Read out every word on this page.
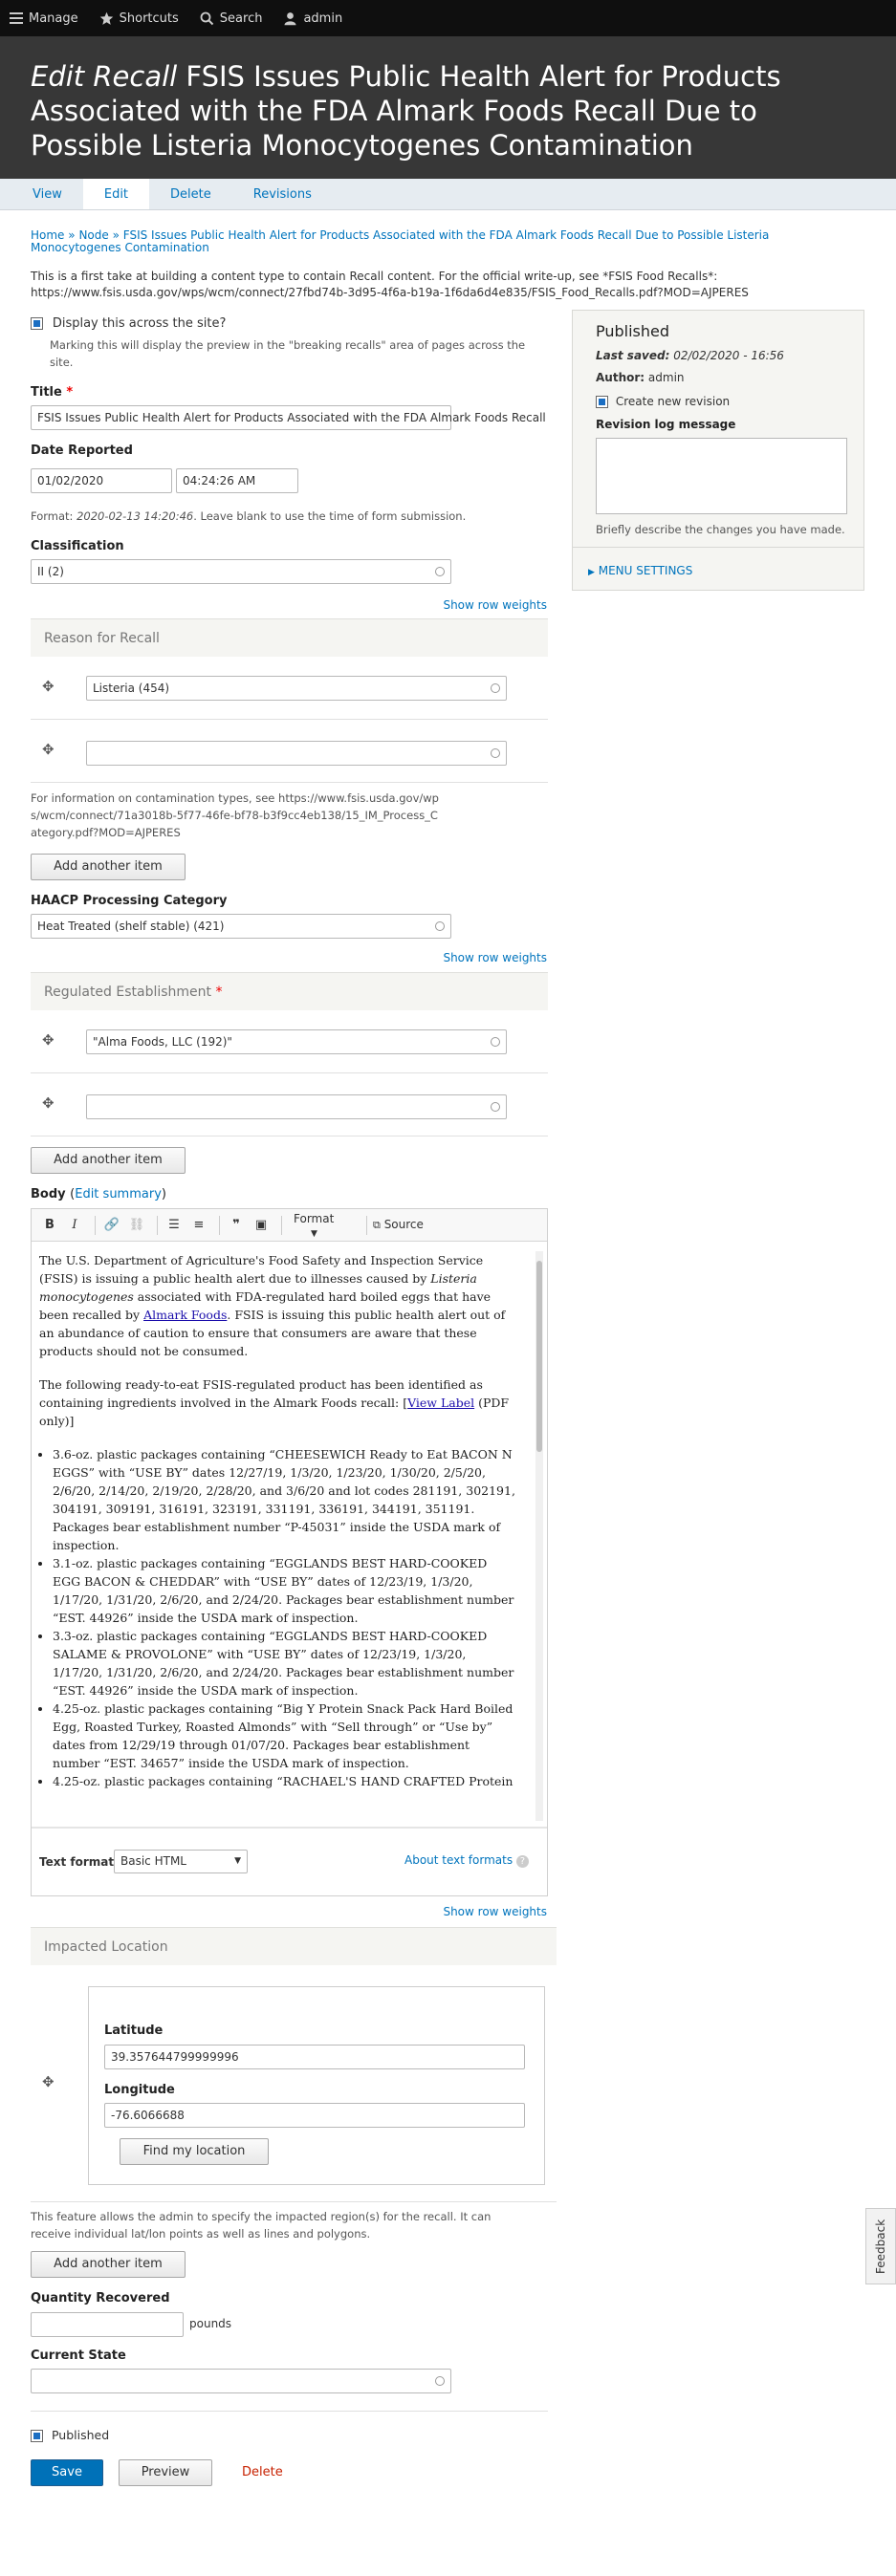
Manage	Shortcuts	Search	admin
Edit Recall FSIS Issues Public Health Alert for Products Associated with the FDA Almark Foods Recall Due to Possible Listeria Monocytogenes Contamination
View	Edit	Delete	Revisions
Home » Node » FSIS Issues Public Health Alert for Products Associated with the FDA Almark Foods Recall Due to Possible Listeria Monocytogenes Contamination
This is a first take at building a content type to contain Recall content. For the official write-up, see *FSIS Food Recalls*: https://www.fsis.usda.gov/wps/wcm/connect/27fbd74b-3d95-4f6a-b19a-1f6da6d4e835/FSIS_Food_Recalls.pdf?MOD=AJPERES
Display this across the site?
Marking this will display the preview in the "breaking recalls" area of pages across the site.
Title *
FSIS Issues Public Health Alert for Products Associated with the FDA Almark Foods Recall
Date Reported
01/02/2020	04:24:26 AM
Format: 2020-02-13 14:20:46. Leave blank to use the time of form submission.
Classification
II (2)
Show row weights
Reason for Recall
✥	Listeria (454)
✥
For information on contamination types, see https://www.fsis.usda.gov/wps/wcm/connect/71a3018b-5f77-46fe-bf78-b3f9cc4eb138/15_IM_Process_Category.pdf?MOD=AJPERES
Add another item
HAACP Processing Category
Heat Treated (shelf stable) (421)
Show row weights
Regulated Establishment *
✥	"Alma Foods, LLC (192)"
✥
Add another item
Body (Edit summary)
B	I	🔗 ⛓	☰	≡	❞	▣	Format ▼
⧉ Source

The U.S. Department of Agriculture's Food Safety and Inspection Service (FSIS) is issuing a public health alert due to illnesses caused by Listeria monocytogenes associated with FDA-regulated hard boiled eggs that have been recalled by Almark Foods. FSIS is issuing this public health alert out of an abundance of caution to ensure that consumers are aware that these products should not be consumed.

The following ready-to-eat FSIS-regulated product has been identified as containing ingredients involved in the Almark Foods recall: [View Label (PDF only)]

• 3.6-oz. plastic packages containing “CHEESEWICH Ready to Eat BACON N EGGS” with “USE BY” dates 12/27/19, 1/3/20, 1/23/20, 1/30/20, 2/5/20, 2/6/20, 2/14/20, 2/19/20, 2/28/20, and 3/6/20 and lot codes 281191, 302191, 304191, 309191, 316191, 323191, 331191, 336191, 344191, 351191. Packages bear establishment number “P-45031” inside the USDA mark of inspection.
• 3.1-oz. plastic packages containing “EGGLANDS BEST HARD-COOKED EGG BACON & CHEDDAR” with “USE BY” dates of 12/23/19, 1/3/20, 1/17/20, 1/31/20, 2/6/20, and 2/24/20. Packages bear establishment number “EST. 44926” inside the USDA mark of inspection.
• 3.3-oz. plastic packages containing “EGGLANDS BEST HARD-COOKED SALAME & PROVOLONE” with “USE BY” dates of 12/23/19, 1/3/20, 1/17/20, 1/31/20, 2/6/20, and 2/24/20. Packages bear establishment number “EST. 44926” inside the USDA mark of inspection.
• 4.25-oz. plastic packages containing “Big Y Protein Snack Pack Hard Boiled Egg, Roasted Turkey, Roasted Almonds” with “Sell through” or “Use by” dates from 12/29/19 through 01/07/20. Packages bear establishment number “EST. 34657” inside the USDA mark of inspection.
• 4.25-oz. plastic packages containing “RACHAEL'S HAND CRAFTED Protein
Text format Basic HTML	▼	About text formats ?
Show row weights
Impacted Location
Latitude
39.357644799999996
Longitude
-76.6066688
Find my location
✥
This feature allows the admin to specify the impacted region(s) for the recall. It can receive individual lat/lon points as well as lines and polygons.
Add another item
Quantity Recovered
pounds
Current State
Published
Save	Preview	Delete
Published
Last saved: 02/02/2020 - 16:56
Author: admin
Create new revision
Revision log message
Briefly describe the changes you have made.
▶ MENU SETTINGS
Feedback
